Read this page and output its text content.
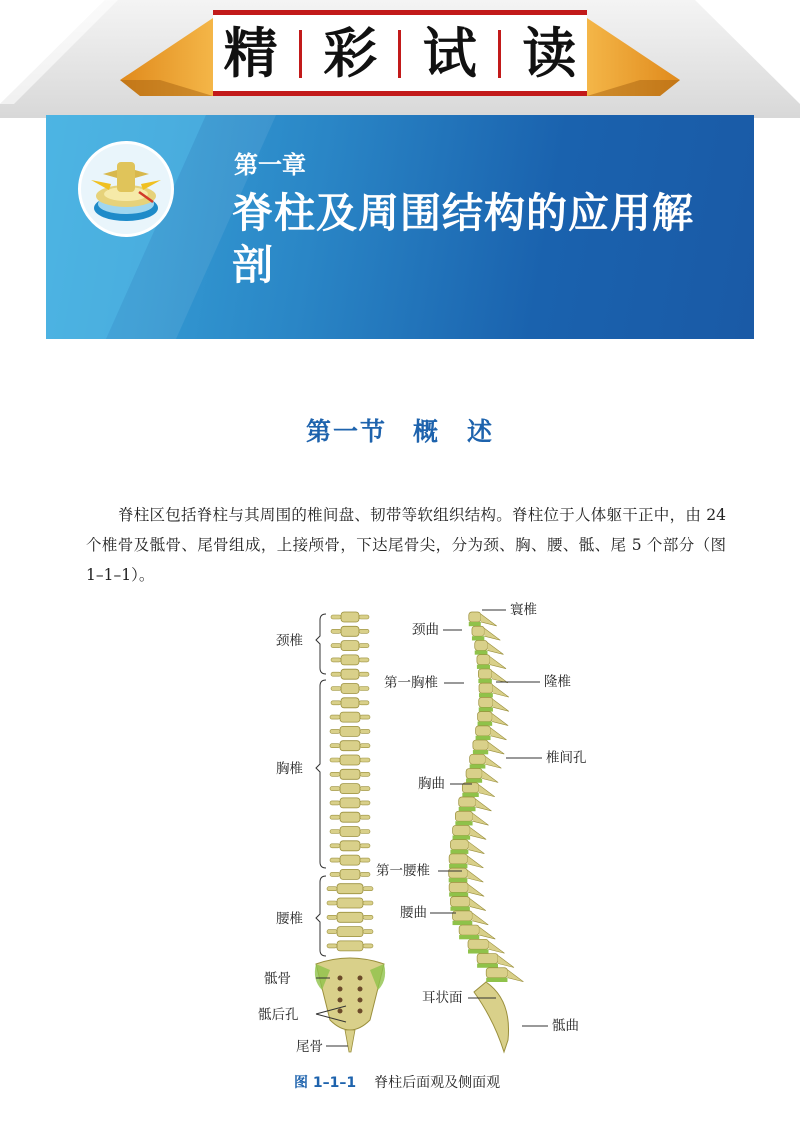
精 彩 试 读
第一章
脊柱及周围结构的应用解剖
第一节 概　述

脊柱区包括脊柱与其周围的椎间盘、韧带等软组织结构。脊柱位于人体躯干正中，由 24 个椎骨及骶骨、尾骨组成，上接颅骨，下达尾骨尖，分为颈、胸、腰、骶、尾 5 个部分（图 1–1–1）。

颈椎
胸椎
腰椎
骶骨
骶后孔
尾骨
颈曲
第一胸椎
胸曲
第一腰椎
腰曲
耳状面
寰椎
隆椎
椎间孔
骶曲
图 1–1–1 脊柱后面观及侧面观
